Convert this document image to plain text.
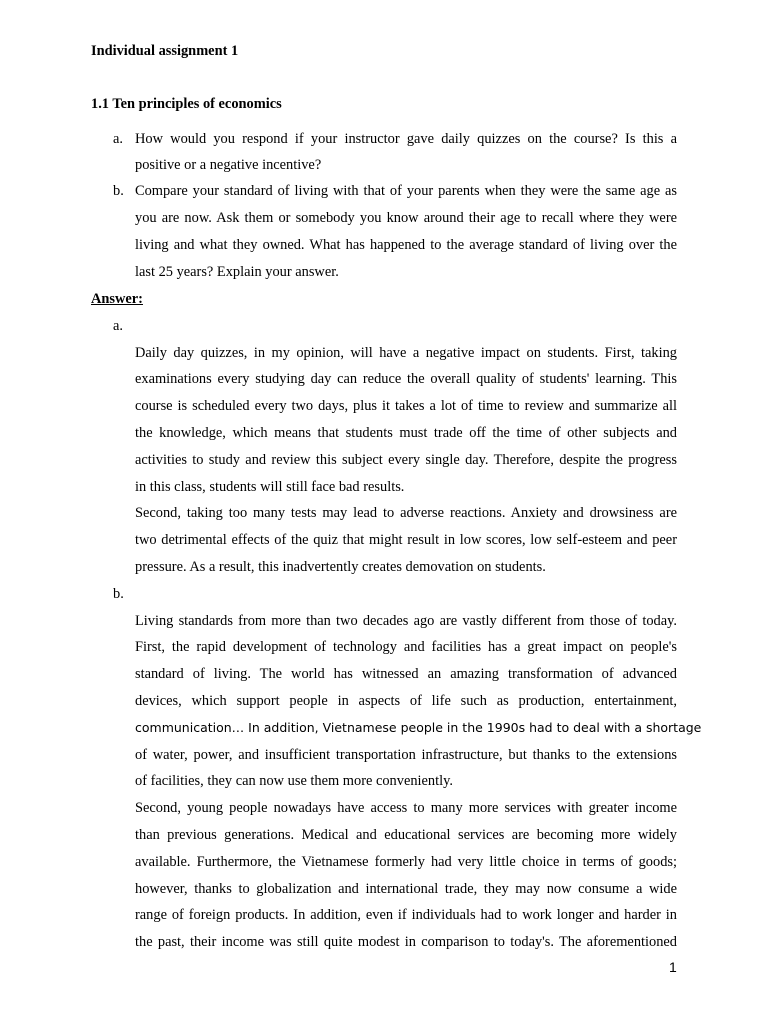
Individual assignment 1
1.1 Ten principles of economics
a. How would you respond if your instructor gave daily quizzes on the course? Is this a
positive or a negative incentive?
b. Compare your standard of living with that of your parents when they were the same age as
you are now. Ask them or somebody you know around their age to recall where they were
living and what they owned. What has happened to the average standard of living over the
last 25 years? Explain your answer.
Answer:
a.
Daily day quizzes, in my opinion, will have a negative impact on students. First, taking
examinations every studying day can reduce the overall quality of students' learning. This
course is scheduled every two days, plus it takes a lot of time to review and summarize all
the knowledge, which means that students must trade off the time of other subjects and
activities to study and review this subject every single day. Therefore, despite the progress
in this class, students will still face bad results.
Second, taking too many tests may lead to adverse reactions. Anxiety and drowsiness are
two detrimental effects of the quiz that might result in low scores, low self-esteem and peer
pressure. As a result, this inadvertently creates demovation on students.
b.
Living standards from more than two decades ago are vastly different from those of today.
First, the rapid development of technology and facilities has a great impact on people's
standard of living. The world has witnessed an amazing transformation of advanced
devices, which support people in aspects of life such as production, entertainment,
communication… In addition, Vietnamese people in the 1990s had to deal with a shortage
of water, power, and insufficient transportation infrastructure, but thanks to the extensions
of facilities, they can now use them more conveniently.
Second, young people nowadays have access to many more services with greater income
than previous generations. Medical and educational services are becoming more widely
available. Furthermore, the Vietnamese formerly had very little choice in terms of goods;
however, thanks to globalization and international trade, they may now consume a wide
range of foreign products. In addition, even if individuals had to work longer and harder in
the past, their income was still quite modest in comparison to today's. The aforementioned
1
